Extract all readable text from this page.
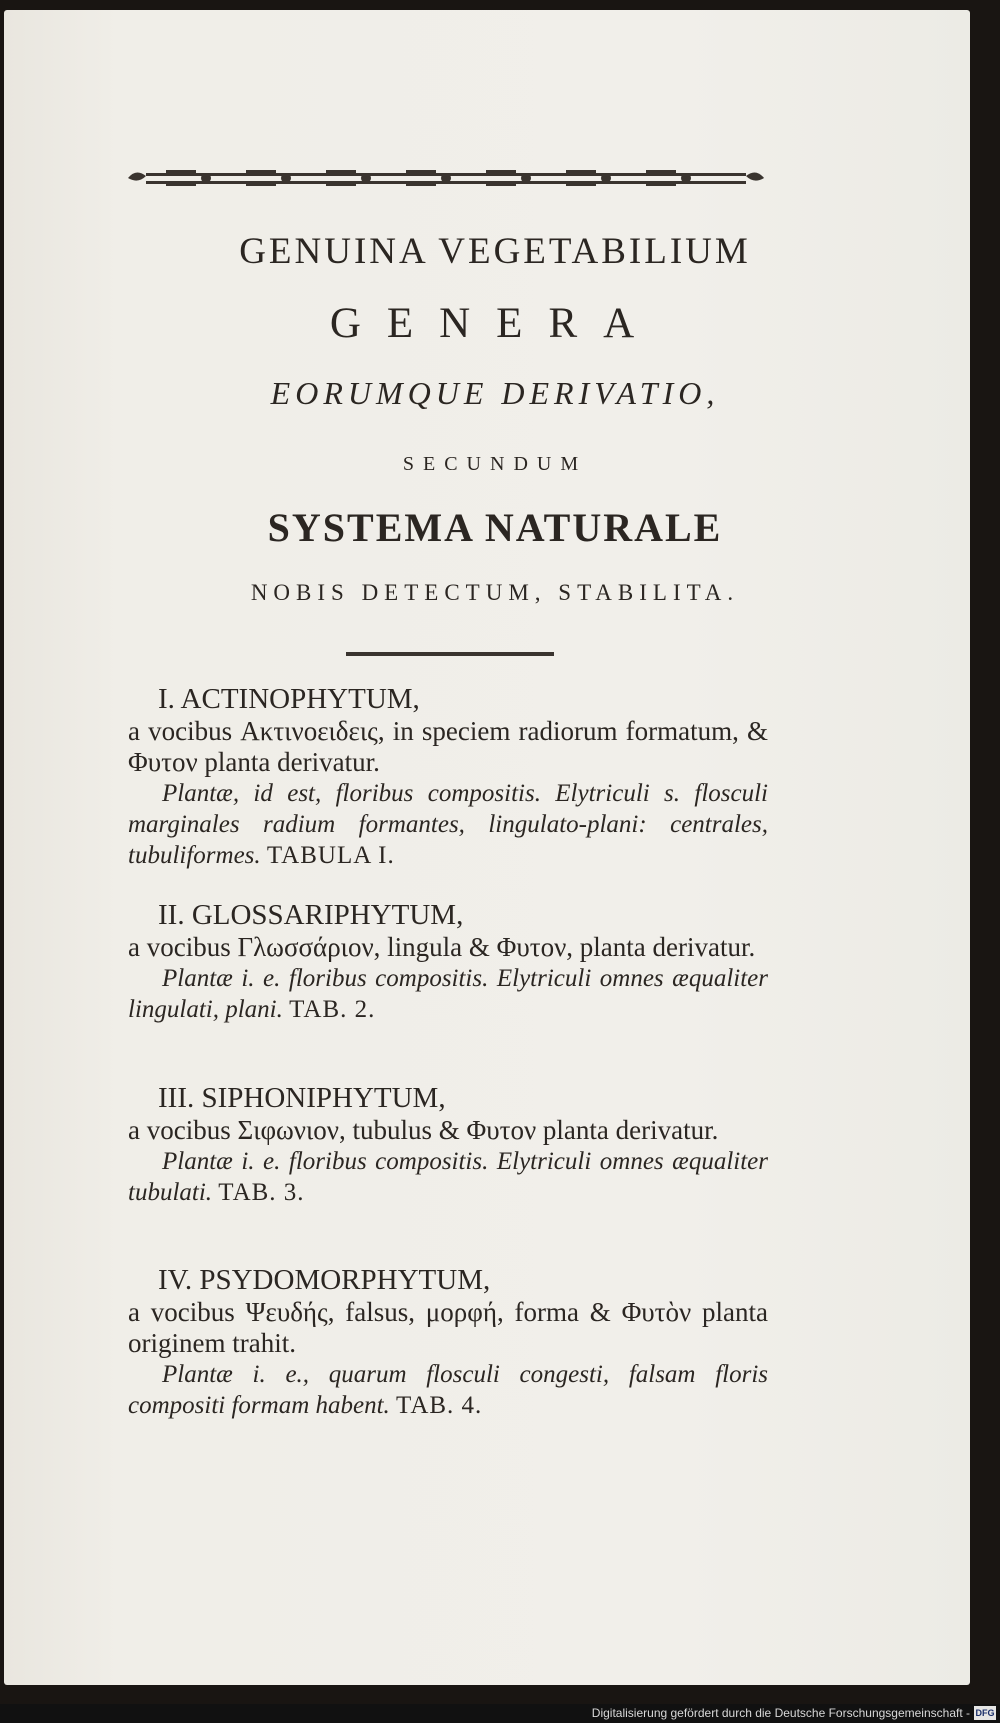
GENUINA VEGETABILIUM
GENERA
EORUMQUE DERIVATIO,
SECUNDUM
SYSTEMA NATURALE
NOBIS DETECTUM, STABILITA.
I. ACTINOPHYTUM,
a vocibus Ακτινοειδεις, in speciem radiorum formatum, & Φυτον planta derivatur.
Plantæ, id est, floribus compositis. Elytriculi s. flosculi marginales radium formantes, lingulato-plani: centrales, tubuliformes. TABULA I.
II. GLOSSARIPHYTUM,
a vocibus Γλωσσάριον, lingula & Φυτον, planta derivatur.
Plantæ i. e. floribus compositis. Elytriculi omnes æqualiter lingulati, plani. TAB. 2.
III. SIPHONIPHYTUM,
a vocibus Σιφωνιον, tubulus & Φυτον planta derivatur.
Plantæ i. e. floribus compositis. Elytriculi omnes æqualiter tubulati. TAB. 3.
IV. PSYDOMORPHYTUM,
a vocibus Ψευδής, falsus, μορφή, forma & Φυτὸν planta originem trahit.
Plantæ i. e., quarum flosculi congesti, falsam floris compositi formam habent. TAB. 4.
Digitalisierung gefördert durch die Deutsche Forschungsgemeinschaft - DFG
